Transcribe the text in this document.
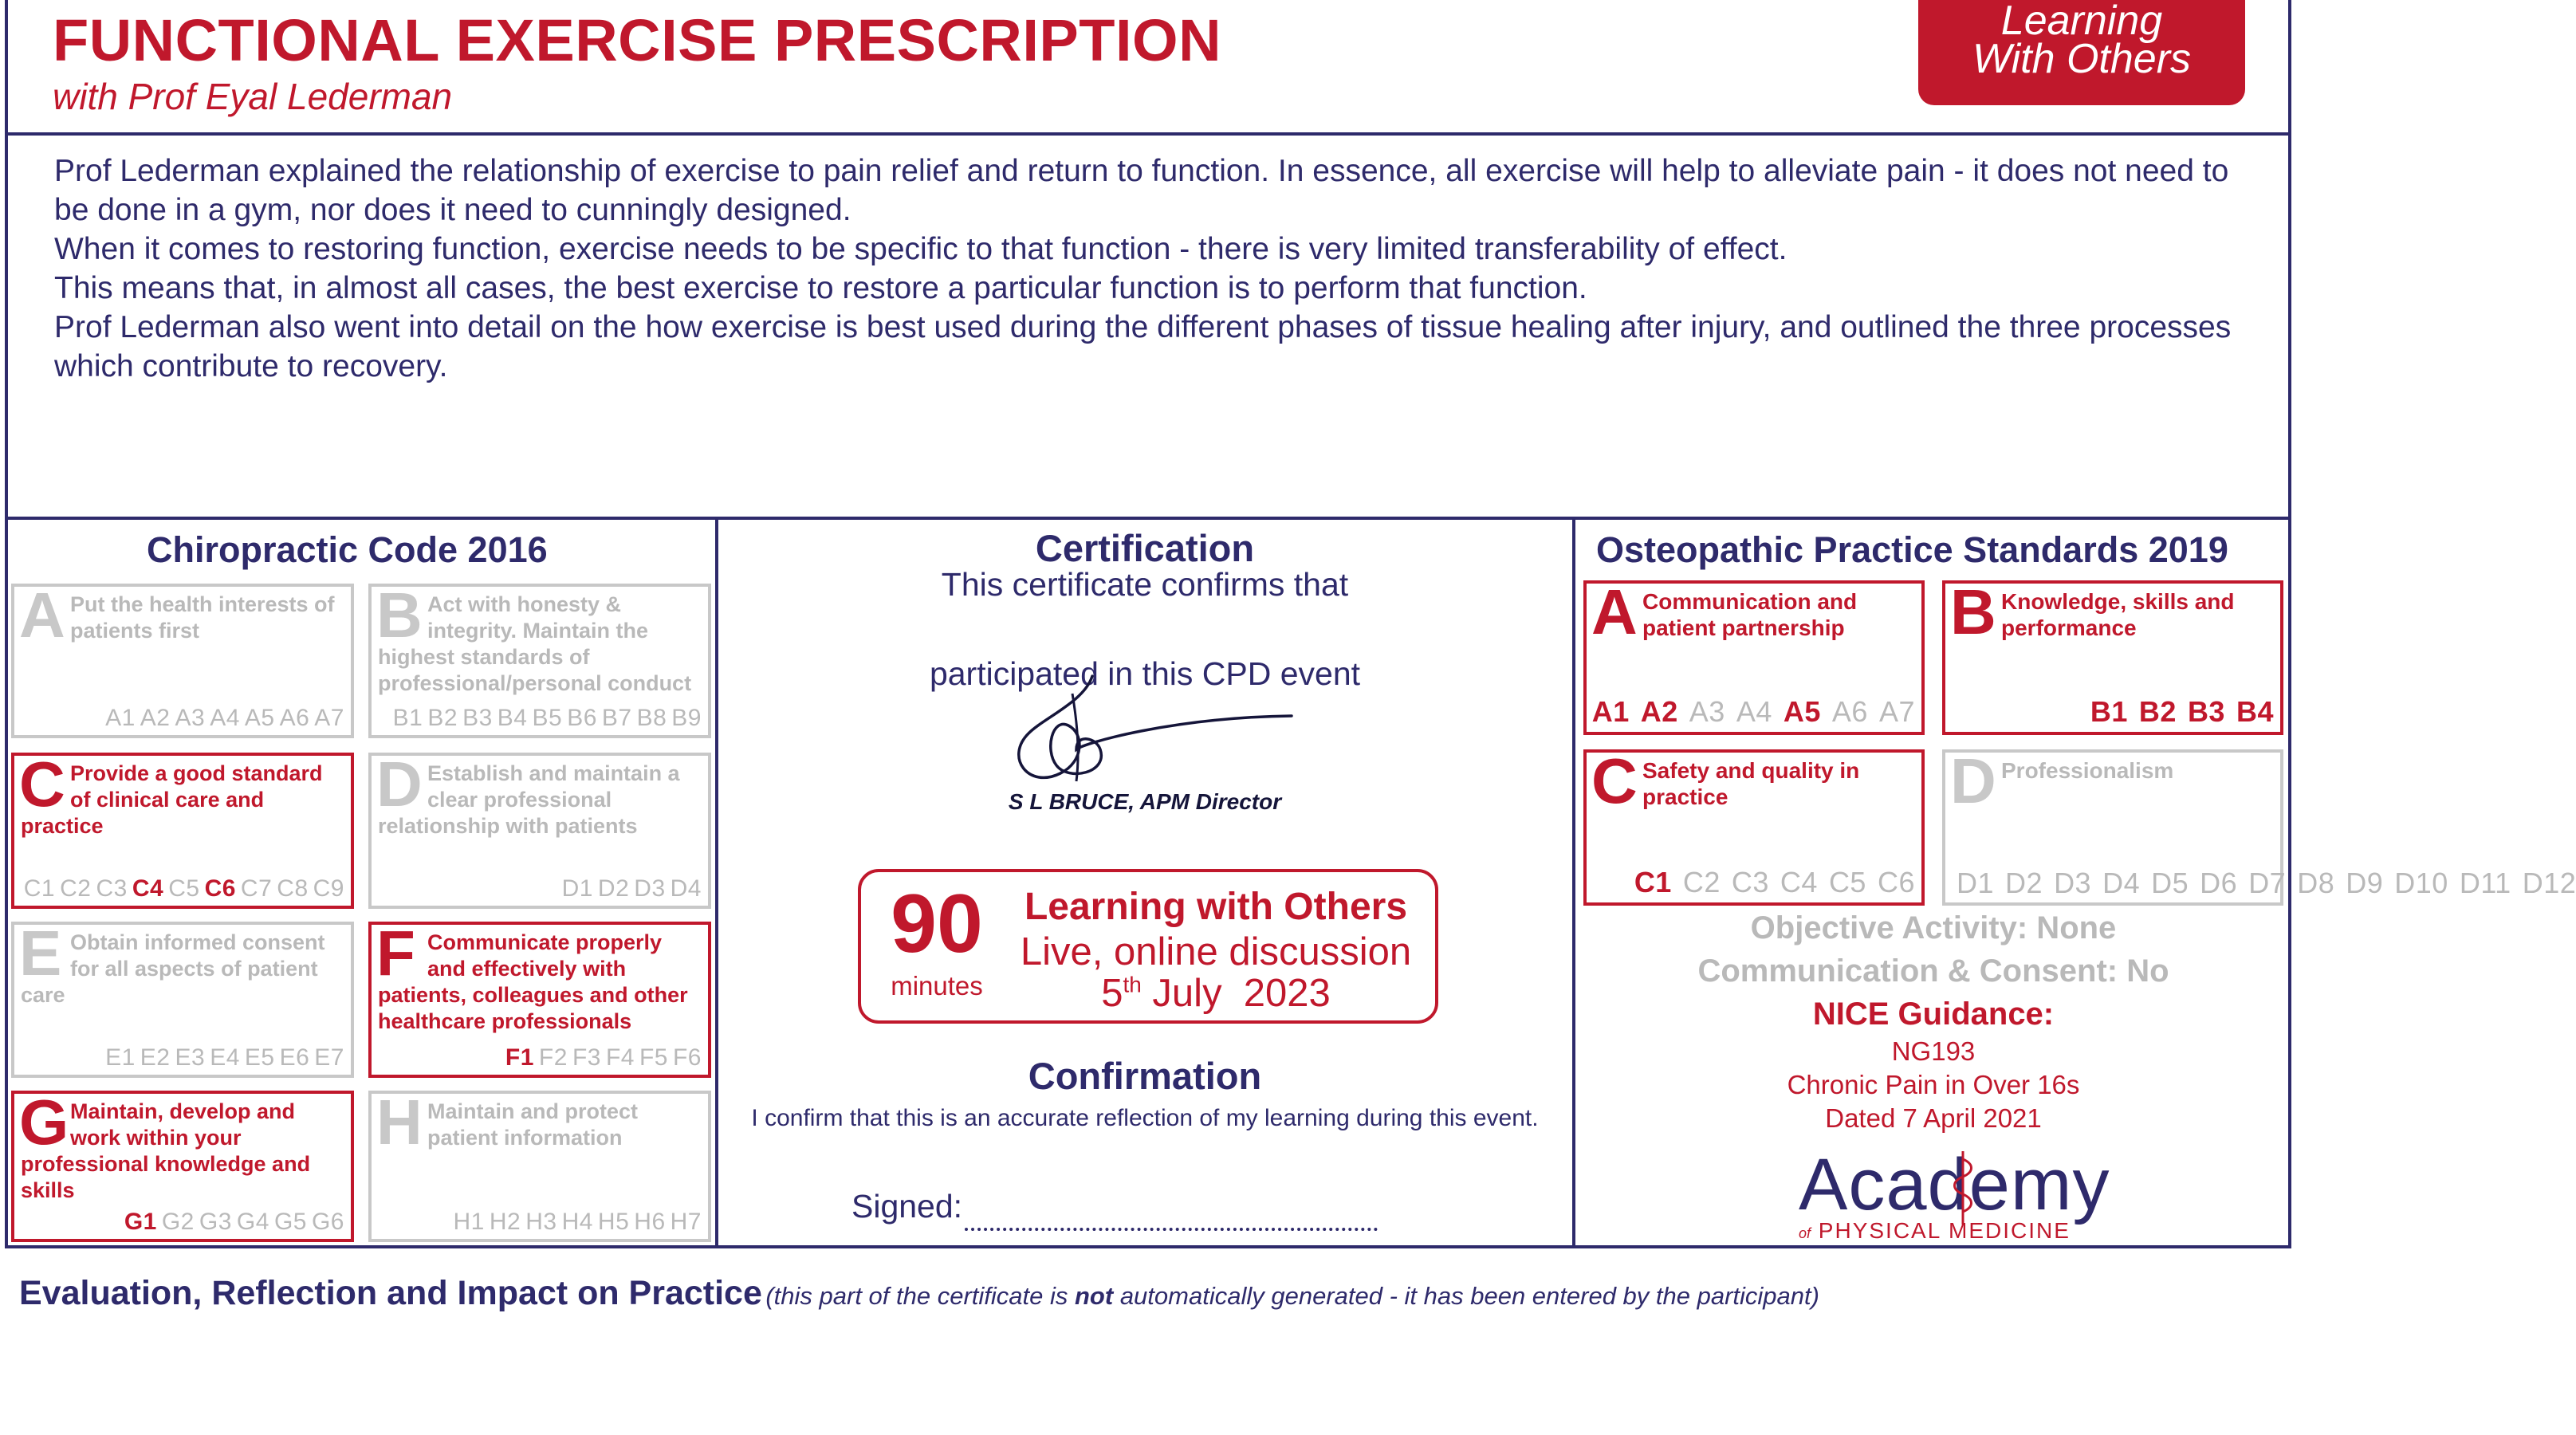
FUNCTIONAL EXERCISE PRESCRIPTION
with Prof Eyal Lederman
Learning
With Others

Prof Lederman explained the relationship of exercise to pain relief and return to function. In essence, all exercise will help to alleviate pain - it does not need to be done in a gym, nor does it need to cunningly designed.

When it comes to restoring function, exercise needs to be specific to that function - there is very limited transferability of effect.

This means that, in almost all cases, the best exercise to restore a particular function is to perform that function.

Prof Lederman also went into detail on the how exercise is best used during the different phases of tissue healing after injury, and outlined the three processes which contribute to recovery.

Chiropractic Code 2016
A Put the health interests of patients first
A1 A2 A3 A4 A5 A6 A7
B Act with honesty & integrity. Maintain the highest standards of professional/personal conduct
B1 B2 B3 B4 B5 B6 B7 B8 B9
C Provide a good standard of clinical care and practice
C1 C2 C3 C4 C5 C6 C7 C8 C9
D Establish and maintain a clear professional relationship with patients
D1 D2 D3 D4
E Obtain informed consent for all aspects of patient care
E1 E2 E3 E4 E5 E6 E7
F Communicate properly and effectively with patients, colleagues and other healthcare professionals
F1 F2 F3 F4 F5 F6
G Maintain, develop and work within your professional knowledge and skills
G1 G2 G3 G4 G5 G6
H Maintain and protect patient information
H1 H2 H3 H4 H5 H6 H7
Certification
This certificate confirms that
participated in this CPD event
S L BRUCE, APM Director
90
minutes
Learning with Others
Live, online discussion
5th July  2023
Confirmation
I confirm that this is an accurate reflection of my learning during this event.
Signed:
Osteopathic Practice Standards 2019
A Communication and patient partnership
A1 A2 A3 A4 A5 A6 A7
B Knowledge, skills and performance
B1 B2 B3 B4
C Safety and quality in practice
C1 C2 C3 C4 C5 C6
D Professionalism
D1 D2 D3 D4 D5 D6 D7 D8 D9 D10 D11 D12
Objective Activity: None
Communication & Consent: No
NICE Guidance:
NG193
Chronic Pain in Over 16s
Dated 7 April 2021
Academy
of PHYSICAL MEDICINE
Evaluation, Reflection and Impact on Practice (this part of the certificate is not automatically generated - it has been entered by the participant)
